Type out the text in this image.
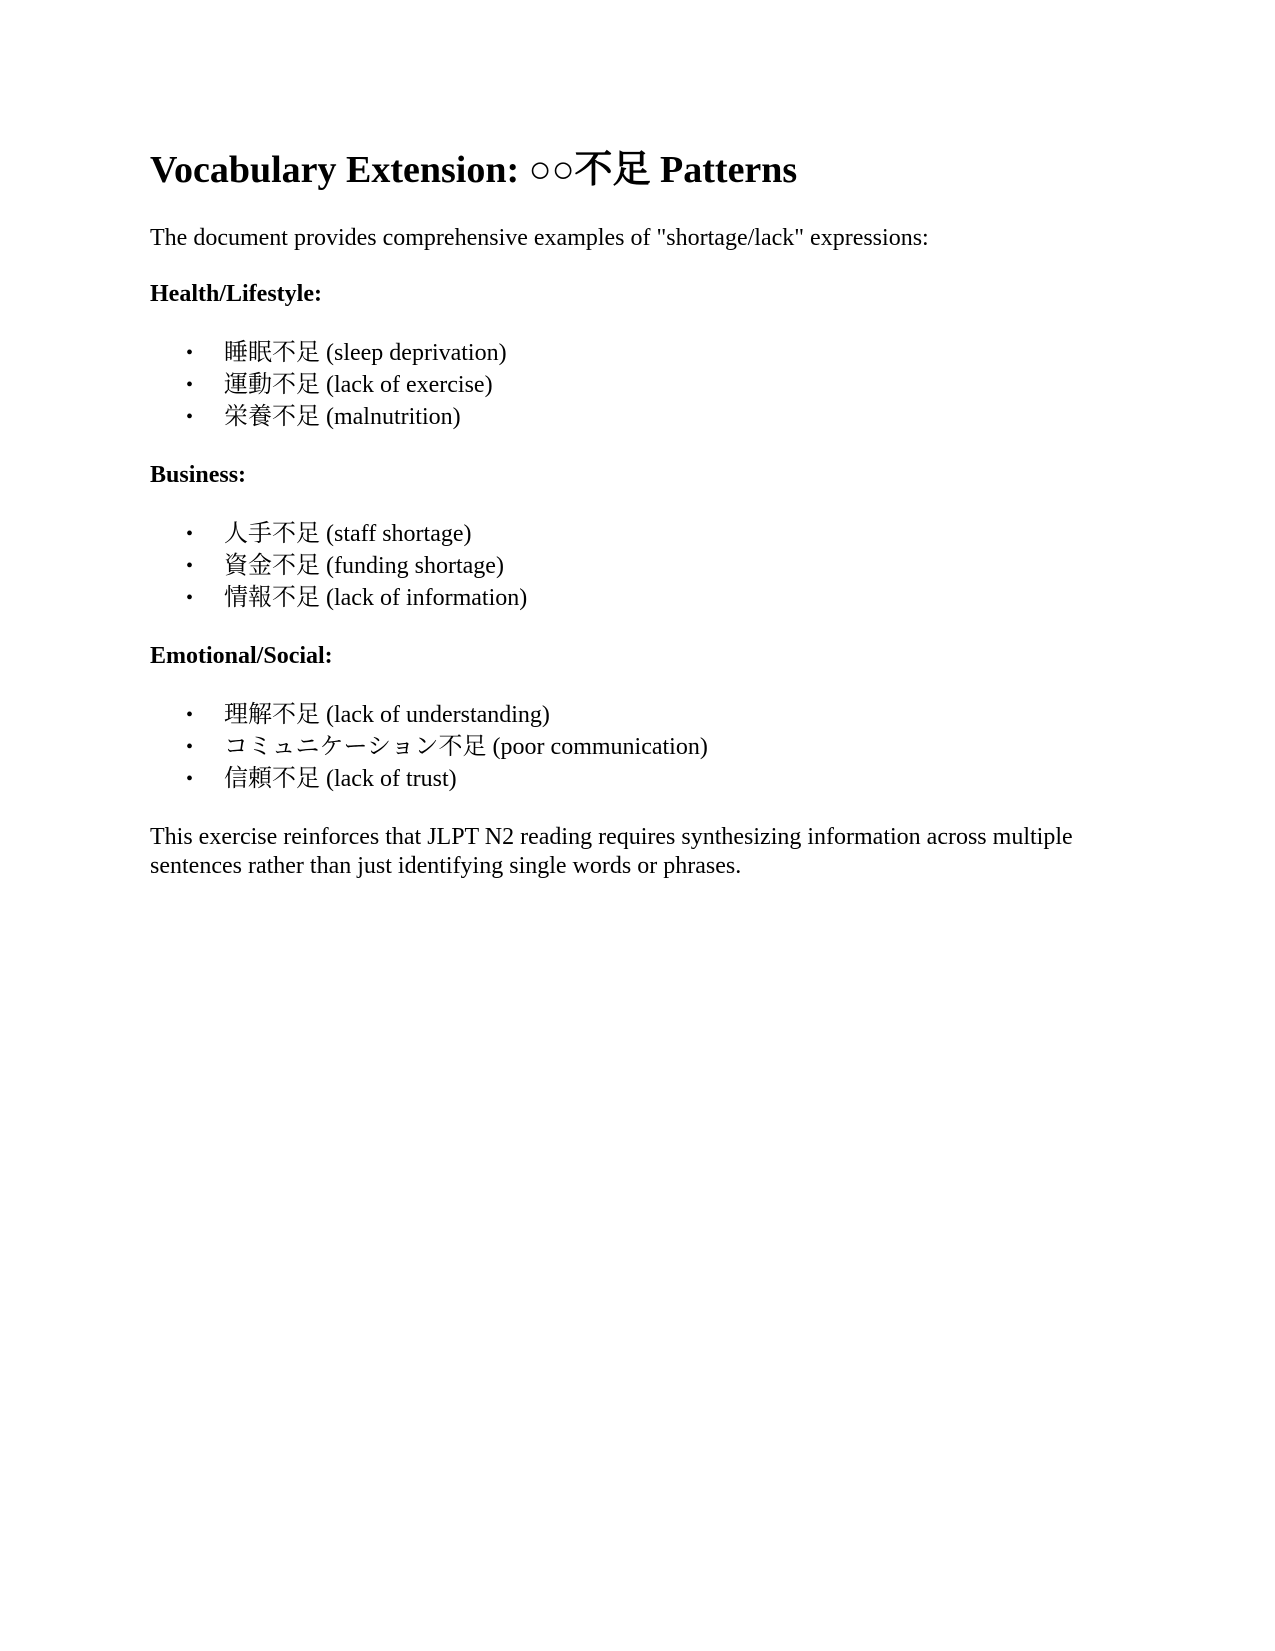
Vocabulary Extension: ○○不足 Patterns

The document provides comprehensive examples of "shortage/lack" expressions:

Health/Lifestyle:

• 睡眠不足 (sleep deprivation)
• 運動不足 (lack of exercise)
• 栄養不足 (malnutrition)

Business:

• 人手不足 (staff shortage)
• 資金不足 (funding shortage)
• 情報不足 (lack of information)

Emotional/Social:

• 理解不足 (lack of understanding)
• コミュニケーション不足 (poor communication)
• 信頼不足 (lack of trust)

This exercise reinforces that JLPT N2 reading requires synthesizing information across multiple sentences rather than just identifying single words or phrases.
